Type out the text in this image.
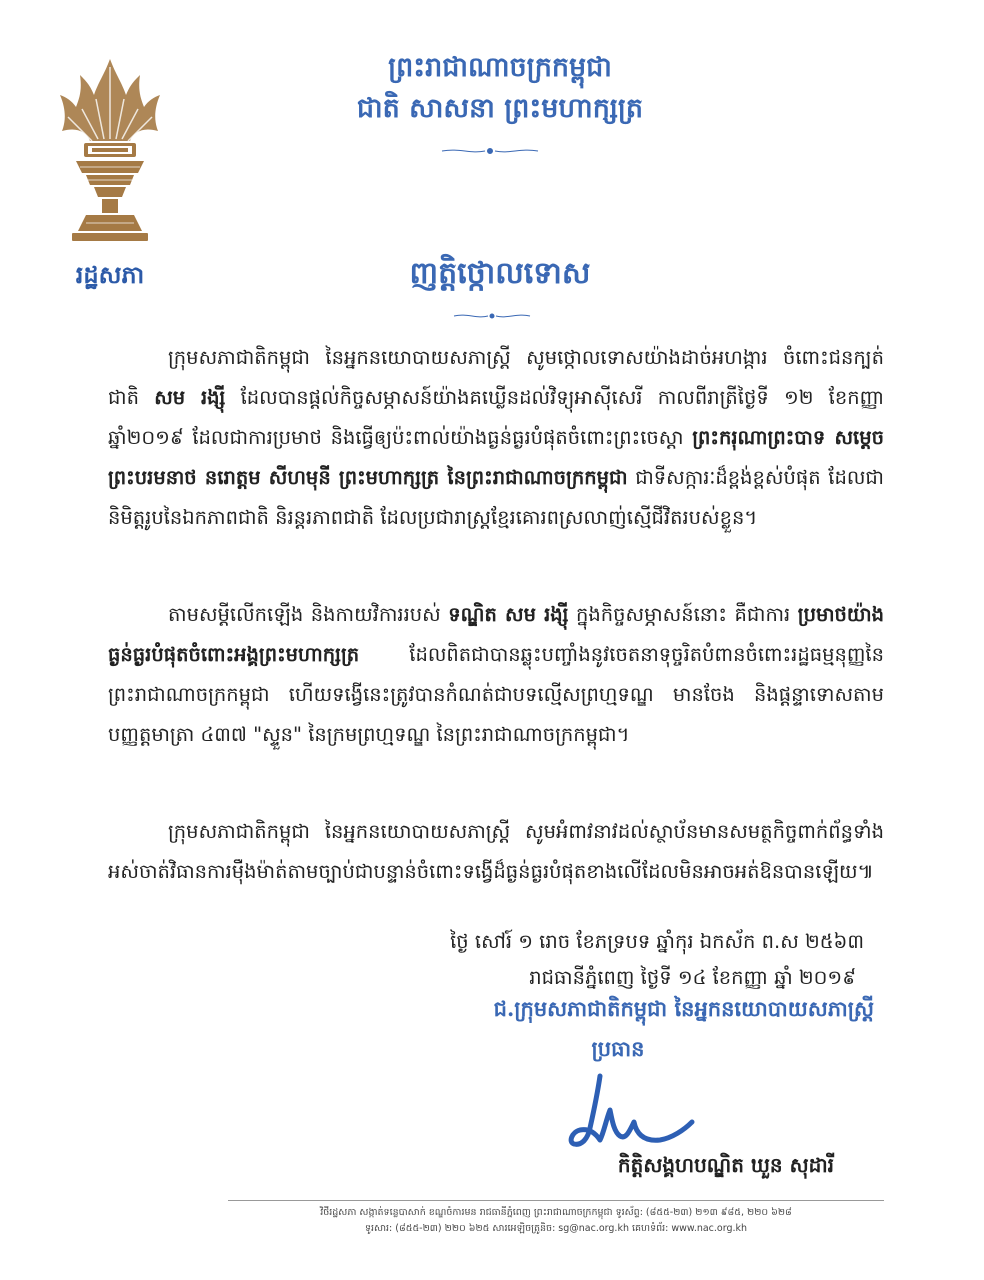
រដ្ឋសភា
ព្រះរាជាណាចក្រកម្ពុជា
ជាតិ សាសនា ព្រះមហាក្សត្រ
ញត្តិថ្កោលទោស
ក្រុមសភាជាតិកម្ពុជា នៃអ្នកនយោបាយសភាស្ត្រី សូមថ្កោលទោសយ៉ាងដាច់អហង្ការ ចំពោះជនក្បត់ជាតិ សម រង្ស៊ី ដែលបានផ្តល់កិច្ចសម្ភាសន៍យ៉ាងគឃ្លើនដល់វិទ្យុអាស៊ីសេរី កាលពីរាត្រីថ្ងៃទី ១២ ខែកញ្ញា ឆ្នាំ២០១៩ ដែលជាការប្រមាថ និងធ្វើឲ្យប៉ះពាល់យ៉ាងធ្ងន់ធ្ងរបំផុតចំពោះព្រះចេស្តា ព្រះករុណាព្រះបាទ សម្តេចព្រះបរមនាថ នរោត្តម សីហមុនី ព្រះមហាក្សត្រ នៃព្រះរាជាណាចក្រកម្ពុជា ជាទីសក្ការៈដ៏ខ្ពង់ខ្ពស់បំផុត ដែលជានិមិត្តរូបនៃឯកភាពជាតិ និរន្តរភាពជាតិ ដែលប្រជារាស្ត្រខ្មែរគោរពស្រលាញ់ស្មើជីវិតរបស់ខ្លួន។
តាមសម្តីលើកឡើង និងកាយវិការរបស់ ទណ្ឌិត សម រង្ស៊ី ក្នុងកិច្ចសម្ភាសន៍នោះ គឺជាការ ប្រមាថយ៉ាងធ្ងន់ធ្ងរបំផុតចំពោះអង្គព្រះមហាក្សត្រ	ដែលពិតជាបានឆ្លុះបញ្ចាំងនូវចេតនាទុច្ចរិតបំពានចំពោះរដ្ឋធម្មនុញ្ញនៃព្រះរាជាណាចក្រកម្ពុជា ហើយទង្វើនេះត្រូវបានកំណត់ជាបទល្មើសព្រហ្មទណ្ឌ មានចែង និងផ្តន្ទាទោសតាមបញ្ញត្តមាត្រា ៤៣៧ "ស្ទួន" នៃក្រមព្រហ្មទណ្ឌ នៃព្រះរាជាណាចក្រកម្ពុជា។
ក្រុមសភាជាតិកម្ពុជា នៃអ្នកនយោបាយសភាស្ត្រី សូមអំពាវនាវដល់ស្ថាប័នមានសមត្ថកិច្ចពាក់ព័ន្ធទាំងអស់ចាត់វិធានការម៉ឺងម៉ាត់តាមច្បាប់ជាបន្ទាន់ចំពោះទង្វើដ៏ធ្ងន់ធ្ងរបំផុតខាងលើដែលមិនអាចអត់ឱនបានឡើយ៕
ថ្ងៃ សៅរ៍ ១ រោច ខែភទ្របទ ឆ្នាំកុរ ឯកស័ក ព.ស ២៥៦៣
រាជធានីភ្នំពេញ ថ្ងៃទី ១៤ ខែកញ្ញា ឆ្នាំ ២០១៩
ជ.ក្រុមសភាជាតិកម្ពុជា នៃអ្នកនយោបាយសភាស្ត្រី
ប្រធាន
កិត្តិសង្គហបណ្ឌិត ឃួន សុដារី
វិថីរដ្ឋសភា សង្កាត់ទន្លេបាសាក់ ខណ្ឌចំការមន រាជធានីភ្នំពេញ ព្រះរាជាណាចក្រកម្ពុជា ទូរស័ព្ទ: (៨៥៥-២៣) ២១៣ ៩៨៥, ២២០ ៦២៨
ទូរសារ: (៨៥៥-២៣) ២២០ ៦២៥ សារអេឡិចត្រូនិច: sg@nac.org.kh គេហទំព័រ: www.nac.org.kh
